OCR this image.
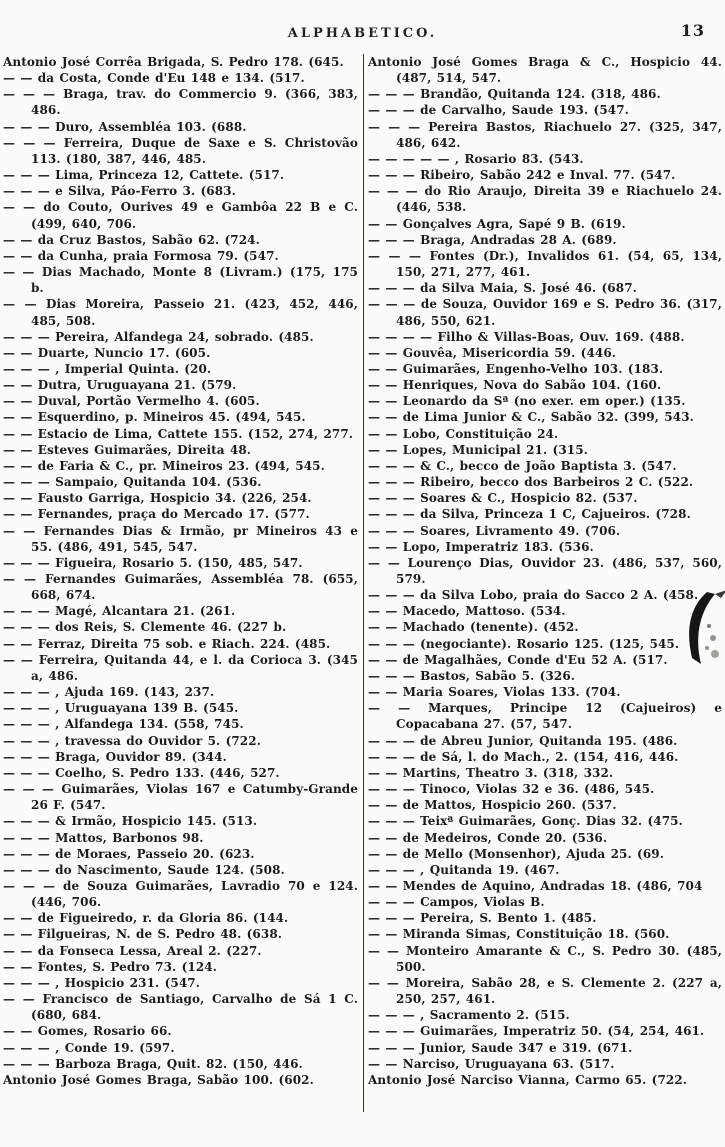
ALPHABETICO.	13

Antonio José Corrêa Brigada, S. Pedro 178. (645.

— — da Costa, Conde d'Eu 148 e 134. (517.

— — — Braga, trav. do Commercio 9. (366, 383, 486.

— — — Duro, Assembléa 103. (688.

— — — Ferreira, Duque de Saxe e S. Christovão 113. (180, 387, 446, 485.

— — — Lima, Princeza 12, Cattete. (517.

— — — e Silva, Páo-Ferro 3. (683.

— — do Couto, Ourives 49 e Gambôa 22 B e C. (499, 640, 706.

— — da Cruz Bastos, Sabão 62. (724.

— — da Cunha, praia Formosa 79. (547.

— — Dias Machado, Monte 8 (Livram.) (175, 175 b.

— — Dias Moreira, Passeio 21. (423, 452, 446, 485, 508.

— — — Pereira, Alfandega 24, sobrado. (485.

— — Duarte, Nuncio 17. (605.

— — — , Imperial Quinta. (20.

— — Dutra, Uruguayana 21. (579.

— — Duval, Portão Vermelho 4. (605.

— — Esquerdino, p. Mineiros 45. (494, 545.

— — Estacio de Lima, Cattete 155. (152, 274, 277.

— — Esteves Guimarães, Direita 48.

— — de Faria & C., pr. Mineiros 23. (494, 545.

— — — Sampaio, Quitanda 104. (536.

— — Fausto Garriga, Hospicio 34. (226, 254.

— — Fernandes, praça do Mercado 17. (577.

— — Fernandes Dias & Irmão, pr Mineiros 43 e 55. (486, 491, 545, 547.

— — — Figueira, Rosario 5. (150, 485, 547.

— — Fernandes Guimarães, Assembléa 78. (655, 668, 674.

— — — Magé, Alcantara 21. (261.

— — — dos Reis, S. Clemente 46. (227 b.

— — Ferraz, Direita 75 sob. e Riach. 224. (485.

— — Ferreira, Quitanda 44, e l. da Corioca 3. (345 a, 486.

— — — , Ajuda 169. (143, 237.

— — — , Uruguayana 139 B. (545.

— — — , Alfandega 134. (558, 745.

— — — , travessa do Ouvidor 5. (722.

— — — Braga, Ouvidor 89. (344.

— — — Coelho, S. Pedro 133. (446, 527.

— — — Guimarães, Violas 167 e Catumby-Grande 26 F. (547.

— — — & Irmão, Hospicio 145. (513.

— — — Mattos, Barbonos 98.

— — — de Moraes, Passeio 20. (623.

— — — do Nascimento, Saude 124. (508.

— — — de Souza Guimarães, Lavradio 70 e 124. (446, 706.

— — de Figueiredo, r. da Gloria 86. (144.

— — Filgueiras, N. de S. Pedro 48. (638.

— — da Fonseca Lessa, Areal 2. (227.

— — Fontes, S. Pedro 73. (124.

— — — , Hospicio 231. (547.

— — Francisco de Santiago, Carvalho de Sá 1 C. (680, 684.

— — Gomes, Rosario 66.

— — — , Conde 19. (597.

— — — Barboza Braga, Quit. 82. (150, 446.

Antonio José Gomes Braga, Sabão 100. (602.

Antonio José Gomes Braga & C., Hospicio 44. (487, 514, 547.

— — — Brandão, Quitanda 124. (318, 486.

— — — de Carvalho, Saude 193. (547.

— — — Pereira Bastos, Riachuelo 27. (325, 347, 486, 642.

— — — — — , Rosario 83. (543.

— — — Ribeiro, Sabão 242 e Inval. 77. (547.

— — — do Rio Araujo, Direita 39 e Riachuelo 24. (446, 538.

— — Gonçalves Agra, Sapé 9 B. (619.

— — — Braga, Andradas 28 A. (689.

— — — Fontes (Dr.), Invalidos 61. (54, 65, 134, 150, 271, 277, 461.

— — — da Silva Maia, S. José 46. (687.

— — — de Souza, Ouvidor 169 e S. Pedro 36. (317, 486, 550, 621.

— — — — Filho & Villas-Boas, Ouv. 169. (488.

— — Gouvêa, Misericordia 59. (446.

— — Guimarães, Engenho-Velho 103. (183.

— — Henriques, Nova do Sabão 104. (160.

— — Leonardo da Sª (no exer. em oper.) (135.

— — de Lima Junior & C., Sabão 32. (399, 543.

— — Lobo, Constituição 24.

— — Lopes, Municipal 21. (315.

— — — & C., becco de João Baptista 3. (547.

— — — Ribeiro, becco dos Barbeiros 2 C. (522.

— — — Soares & C., Hospicio 82. (537.

— — — da Silva, Princeza 1 C, Cajueiros. (728.

— — — Soares, Livramento 49. (706.

— — Lopo, Imperatriz 183. (536.

— — Lourenço Dias, Ouvidor 23. (486, 537, 560, 579.

— — — da Silva Lobo, praia do Sacco 2 A. (458.

— — Macedo, Mattoso. (534.

— — Machado (tenente). (452.

— — — (negociante). Rosario 125. (125, 545.

— — de Magalhães, Conde d'Eu 52 A. (517.

— — — Bastos, Sabão 5. (326.

— — Maria Soares, Violas 133. (704.

— — Marques, Principe 12 (Cajueiros) e Copacabana 27. (57, 547.

— — — de Abreu Junior, Quitanda 195. (486.

— — — de Sá, l. do Mach., 2. (154, 416, 446.

— — Martins, Theatro 3. (318, 332.

— — — Tinoco, Violas 32 e 36. (486, 545.

— — de Mattos, Hospicio 260. (537.

— — — Teixª Guimarães, Gonç. Dias 32. (475.

— — de Medeiros, Conde 20. (536.

— — de Mello (Monsenhor), Ajuda 25. (69.

— — — , Quitanda 19. (467.

— — Mendes de Aquino, Andradas 18. (486, 704

— — — Campos, Violas B.

— — — Pereira, S. Bento 1. (485.

— — Miranda Simas, Constituição 18. (560.

— — Monteiro Amarante & C., S. Pedro 30. (485, 500.

— — Moreira, Sabão 28, e S. Clemente 2. (227 a, 250, 257, 461.

— — — , Sacramento 2. (515.

— — — Guimarães, Imperatriz 50. (54, 254, 461.

— — — Junior, Saude 347 e 319. (671.

— — Narciso, Uruguayana 63. (517.

Antonio José Narciso Vianna, Carmo 65. (722.
